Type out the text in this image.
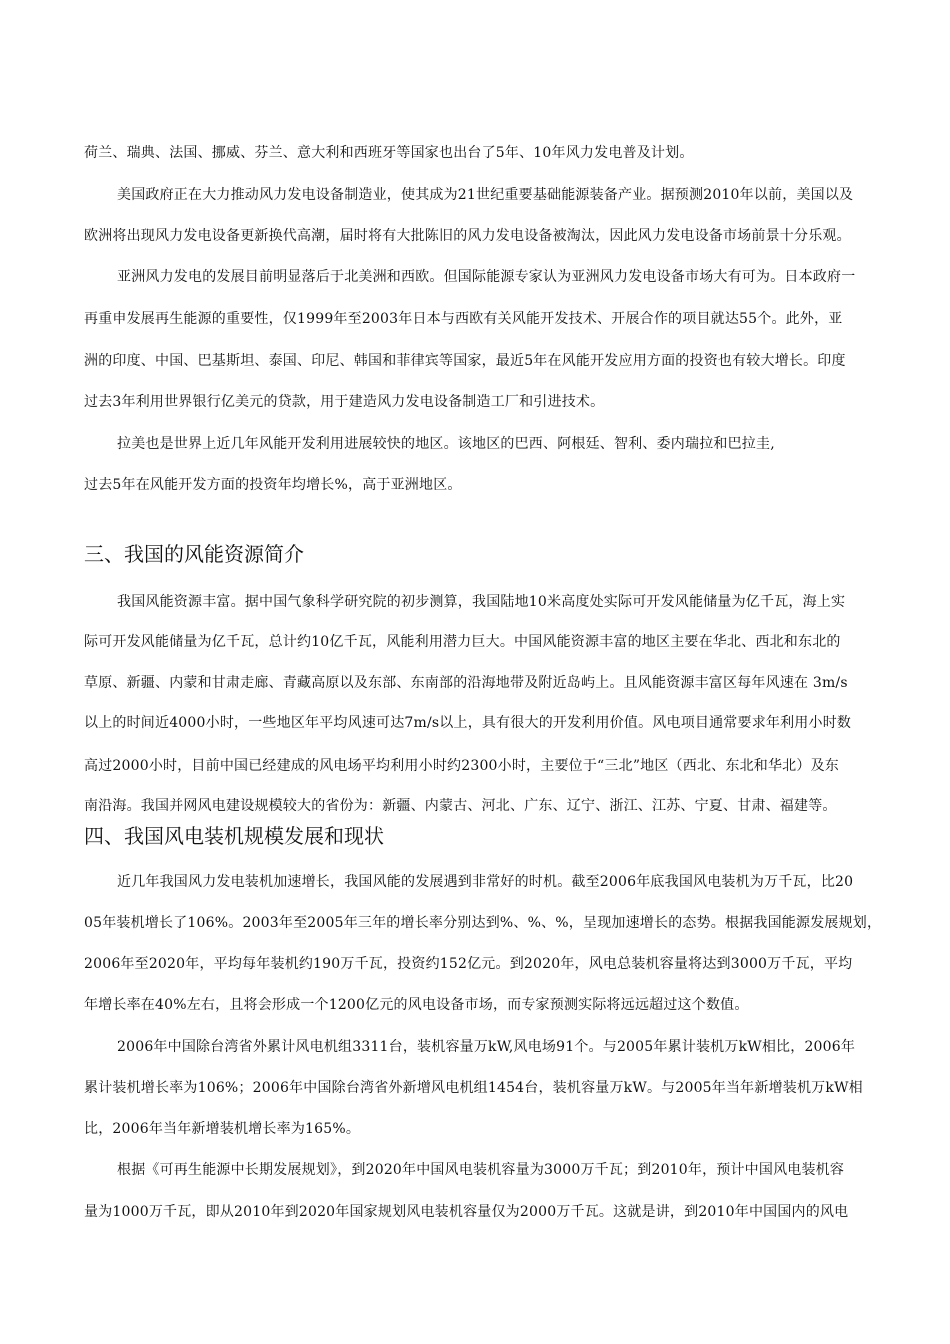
荷兰、瑞典、法国、挪威、芬兰、意大利和西班牙等国家也出台了5年、10年风力发电普及计划。
美国政府正在大力推动风力发电设备制造业，使其成为21世纪重要基础能源装备产业。据预测2010年以前，美国以及
欧洲将出现风力发电设备更新换代高潮，届时将有大批陈旧的风力发电设备被淘汰，因此风力发电设备市场前景十分乐观。
亚洲风力发电的发展目前明显落后于北美洲和西欧。但国际能源专家认为亚洲风力发电设备市场大有可为。日本政府一
再重申发展再生能源的重要性，仅1999年至2003年日本与西欧有关风能开发技术、开展合作的项目就达55个。此外，亚
洲的印度、中国、巴基斯坦、泰国、印尼、韩国和菲律宾等国家，最近5年在风能开发应用方面的投资也有较大增长。印度
过去3年利用世界银行亿美元的贷款，用于建造风力发电设备制造工厂和引进技术。
拉美也是世界上近几年风能开发利用进展较快的地区。该地区的巴西、阿根廷、智利、委内瑞拉和巴拉圭,
过去5年在风能开发方面的投资年均增长%，高于亚洲地区。
三、我国的风能资源简介
我国风能资源丰富。据中国气象科学研究院的初步测算，我国陆地10米高度处实际可开发风能储量为亿千瓦，海上实
际可开发风能储量为亿千瓦，总计约10亿千瓦，风能利用潜力巨大。中国风能资源丰富的地区主要在华北、西北和东北的
草原、新疆、内蒙和甘肃走廊、青藏高原以及东部、东南部的沿海地带及附近岛屿上。且风能资源丰富区每年风速在 3m/s
以上的时间近4000小时，一些地区年平均风速可达7m/s以上，具有很大的开发利用价值。风电项目通常要求年利用小时数
高过2000小时，目前中国已经建成的风电场平均利用小时约2300小时，主要位于“三北”地区（西北、东北和华北）及东
南沿海。我国并网风电建设规模较大的省份为：新疆、内蒙古、河北、广东、辽宁、浙江、江苏、宁夏、甘肃、福建等。
四、我国风电装机规模发展和现状
近几年我国风力发电装机加速增长，我国风能的发展遇到非常好的时机。截至2006年底我国风电装机为万千瓦，比20
05年装机增长了106%。2003年至2005年三年的增长率分别达到%、%、%，呈现加速增长的态势。根据我国能源发展规划，
2006年至2020年，平均每年装机约190万千瓦，投资约152亿元。到2020年，风电总装机容量将达到3000万千瓦，平均
年增长率在40%左右，且将会形成一个1200亿元的风电设备市场，而专家预测实际将远远超过这个数值。
2006年中国除台湾省外累计风电机组3311台，装机容量万kW,风电场91个。与2005年累计装机万kW相比，2006年
累计装机增长率为106%；2006年中国除台湾省外新增风电机组1454台，装机容量万kW。与2005年当年新增装机万kW相
比，2006年当年新增装机增长率为165%。
根据《可再生能源中长期发展规划》，到2020年中国风电装机容量为3000万千瓦；到2010年，预计中国风电装机容
量为1000万千瓦，即从2010年到2020年国家规划风电装机容量仅为2000万千瓦。这就是讲，到2010年中国国内的风电
